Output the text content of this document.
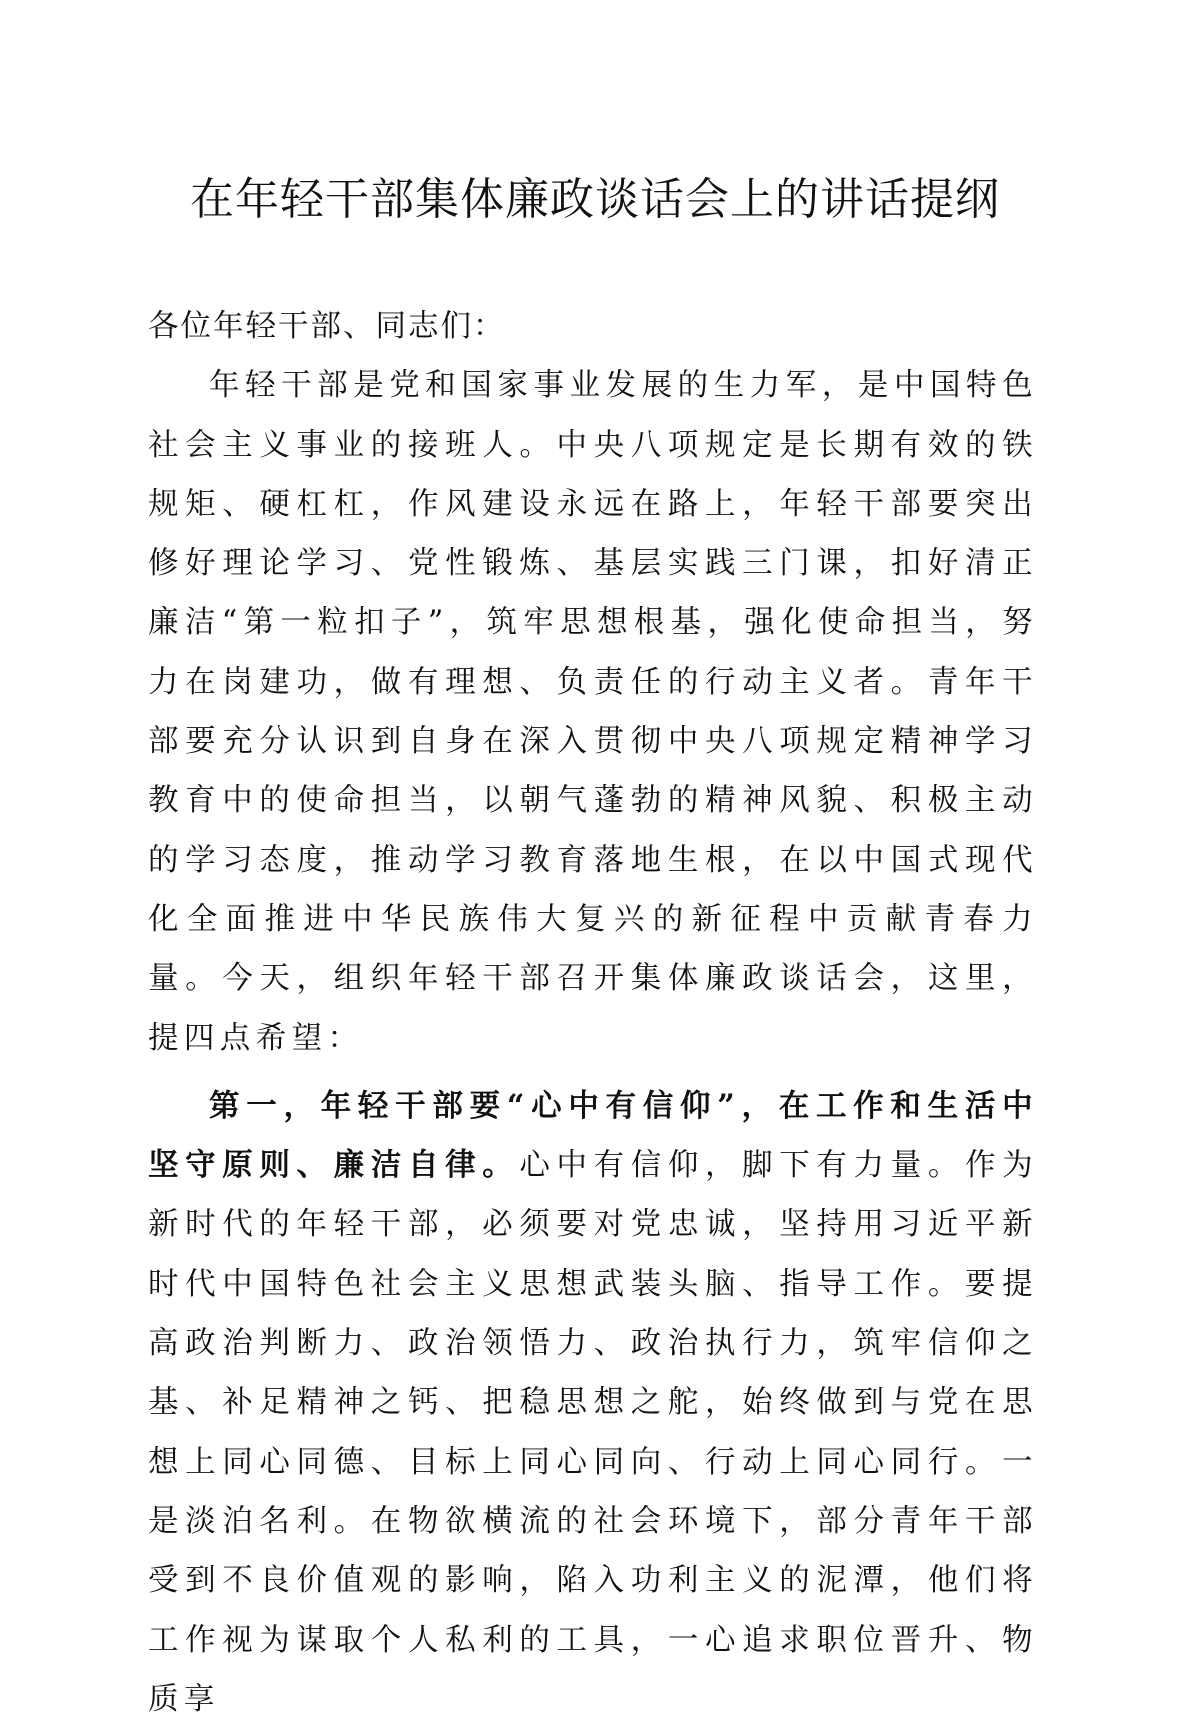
在年轻干部集体廉政谈话会上的讲话提纲

各位年轻干部、同志们：

年轻干部是党和国家事业发展的生力军，是中国特色社会主义事业的接班人。中央八项规定是长期有效的铁规矩、硬杠杠，作风建设永远在路上，年轻干部要突出修好理论学习、党性锻炼、基层实践三门课，扣好清正廉洁“第一粒扣子”，筑牢思想根基，强化使命担当，努力在岗建功，做有理想、负责任的行动主义者。青年干部要充分认识到自身在深入贯彻中央八项规定精神学习教育中的使命担当，以朝气蓬勃的精神风貌、积极主动的学习态度，推动学习教育落地生根，在以中国式现代化全面推进中华民族伟大复兴的新征程中贡献青春力量。今天，组织年轻干部召开集体廉政谈话会，这里，提四点希望：

第一，年轻干部要“心中有信仰”，在工作和生活中坚守原则、廉洁自律。心中有信仰，脚下有力量。作为新时代的年轻干部，必须要对党忠诚，坚持用习近平新时代中国特色社会主义思想武装头脑、指导工作。要提高政治判断力、政治领悟力、政治执行力，筑牢信仰之基、补足精神之钙、把稳思想之舵，始终做到与党在思想上同心同德、目标上同心同向、行动上同心同行。一是淡泊名利。在物欲横流的社会环境下，部分青年干部受到不良价值观的影响，陷入功利主义的泥潭，他们将工作视为谋取个人私利的工具，一心追求职位晋升、物质享
